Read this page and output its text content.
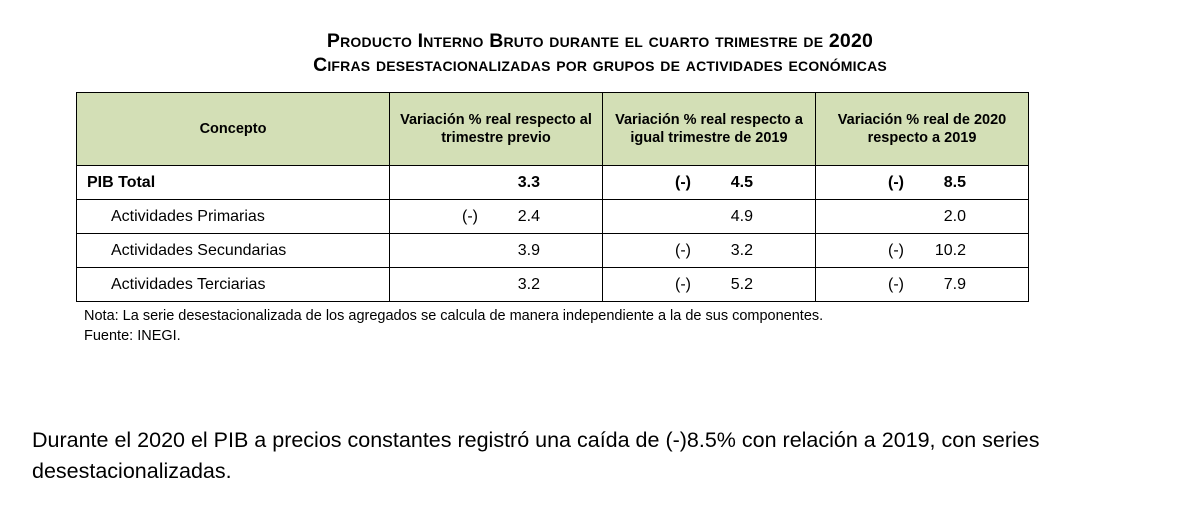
Producto Interno Bruto durante el cuarto trimestre de 2020
Cifras desestacionalizadas por grupos de actividades económicas
Concepto	Variación % real respecto al trimestre previo	Variación % real respecto a igual trimestre de 2019	Variación % real de 2020 respecto a 2019
PIB Total	3.3	(-) 4.5	(-) 8.5
Actividades Primarias	(-) 2.4	4.9	2.0
Actividades Secundarias	3.9	(-) 3.2	(-) 10.2
Actividades Terciarias	3.2	(-) 5.2	(-) 7.9
Nota: La serie desestacionalizada de los agregados se calcula de manera independiente a la de sus componentes.
Fuente: INEGI.
Durante el 2020 el PIB a precios constantes registró una caída de (-)8.5% con relación a 2019, con series desestacionalizadas.
